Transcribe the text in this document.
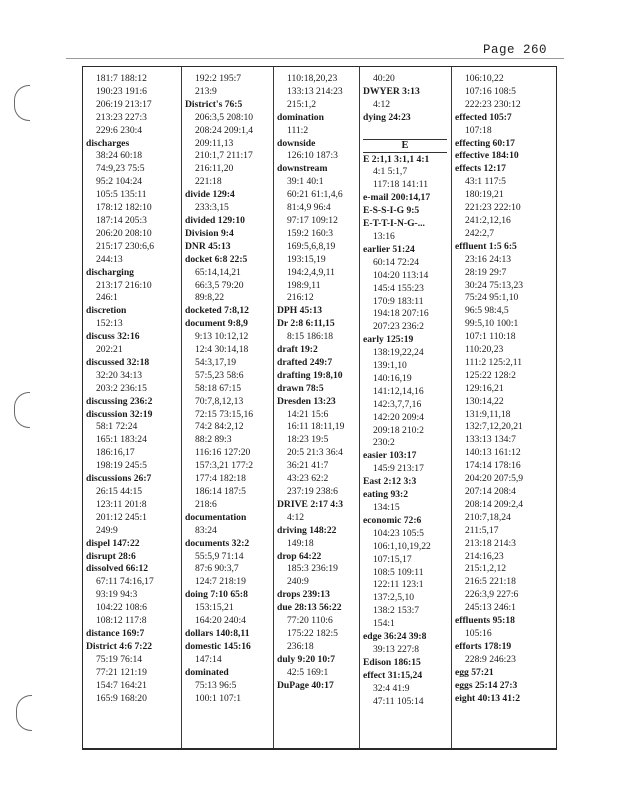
Page 260
181:7 188:12
190:23 191:6
206:19 213:17
213:23 227:3
229:6 230:4
discharges
38:24 60:18
74:9,23 75:5
95:2 104:24
105:5 135:11
178:12 182:10
187:14 205:3
206:20 208:10
215:17 230:6,6
244:13
discharging
213:17 216:10
246:1
discretion
152:13
discuss 32:16
202:21
discussed 32:18
32:20 34:13
203:2 236:15
discussing 236:2
discussion 32:19
58:1 72:24
165:1 183:24
186:16,17
198:19 245:5
discussions 26:7
26:15 44:15
123:11 201:8
201:12 245:1
249:9
dispel 147:22
disrupt 28:6
dissolved 66:12
67:11 74:16,17
93:19 94:3
104:22 108:6
108:12 117:8
distance 169:7
District 4:6 7:22
75:19 76:14
77:21 121:19
154:7 164:21
165:9 168:20
192:2 195:7
213:9
District's 76:5
206:3,5 208:10
208:24 209:1,4
209:11,13
210:1,7 211:17
216:11,20
221:18
divide 129:4
233:3,15
divided 129:10
Division 9:4
DNR 45:13
docket 6:8 22:5
65:14,14,21
66:3,5 79:20
89:8,22
docketed 7:8,12
document 9:8,9
9:13 10:12,12
12:4 30:14,18
54:3,17,19
57:5,23 58:6
58:18 67:15
70:7,8,12,13
72:15 73:15,16
74:2 84:2,12
88:2 89:3
116:16 127:20
157:3,21 177:2
177:4 182:18
186:14 187:5
218:6
documentation
83:24
documents 32:2
55:5,9 71:14
87:6 90:3,7
124:7 218:19
doing 7:10 65:8
153:15,21
164:20 240:4
dollars 140:8,11
domestic 145:16
147:14
dominated
75:13 96:5
100:1 107:1
110:18,20,23
133:13 214:23
215:1,2
domination
111:2
downside
126:10 187:3
downstream
39:1 40:1
60:21 61:1,4,6
81:4,9 96:4
97:17 109:12
159:2 160:3
169:5,6,8,19
193:15,19
194:2,4,9,11
198:9,11
216:12
DPH 45:13
Dr 2:8 6:11,15
8:15 186:18
draft 19:2
drafted 249:7
drafting 19:8,10
drawn 78:5
Dresden 13:23
14:21 15:6
16:11 18:11,19
18:23 19:5
20:5 21:3 36:4
36:21 41:7
43:23 62:2
237:19 238:6
DRIVE 2:17 4:3
4:12
driving 148:22
149:18
drop 64:22
185:3 236:19
240:9
drops 239:13
due 28:13 56:22
77:20 110:6
175:22 182:5
236:18
duly 9:20 10:7
42:5 169:1
DuPage 40:17
40:20
DWYER 3:13
4:12
dying 24:23
E
E 2:1,1 3:1,1 4:1
4:1 5:1,7
117:18 141:11
e-mail 200:14,17
E-S-S-I-G 9:5
E-T-T-I-N-G-...
13:16
earlier 51:24
60:14 72:24
104:20 113:14
145:4 155:23
170:9 183:11
194:18 207:16
207:23 236:2
early 125:19
138:19,22,24
139:1,10
140:16,19
141:12,14,16
142:3,7,7,16
142:20 209:4
209:18 210:2
230:2
easier 103:17
145:9 213:17
East 2:12 3:3
eating 93:2
134:15
economic 72:6
104:23 105:5
106:1,10,19,22
107:15,17
108:5 109:11
122:11 123:1
137:2,5,10
138:2 153:7
154:1
edge 36:24 39:8
39:13 227:8
Edison 186:15
effect 31:15,24
32:4 41:9
47:11 105:14
106:10,22
107:16 108:5
222:23 230:12
effected 105:7
107:18
effecting 60:17
effective 184:10
effects 12:17
43:1 117:5
180:19,21
221:23 222:10
241:2,12,16
242:2,7
effluent 1:5 6:5
23:16 24:13
28:19 29:7
30:24 75:13,23
75:24 95:1,10
96:5 98:4,5
99:5,10 100:1
107:1 110:18
110:20,23
111:2 125:2,11
125:22 128:2
129:16,21
130:14,22
131:9,11,18
132:7,12,20,21
133:13 134:7
140:13 161:12
174:14 178:16
204:20 207:5,9
207:14 208:4
208:14 209:2,4
210:7,18,24
211:5,17
213:18 214:3
214:16,23
215:1,2,12
216:5 221:18
226:3,9 227:6
245:13 246:1
effluents 95:18
105:16
efforts 178:19
228:9 246:23
egg 57:21
eggs 25:14 27:3
eight 40:13 41:2
